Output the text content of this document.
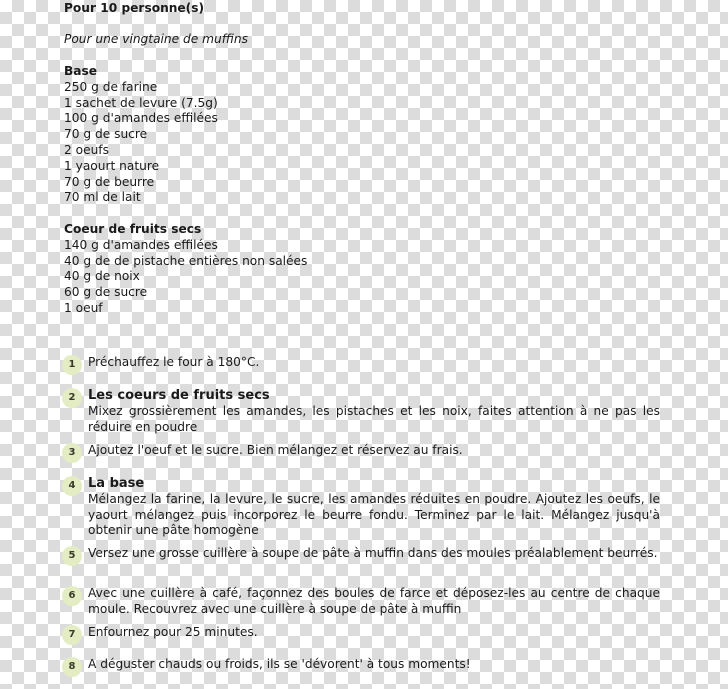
Pour 10 personne(s)
Pour une vingtaine de muffins
Base
250 g de farine
1 sachet de levure (7.5g)
100 g d'amandes effilées
70 g de sucre
2 oeufs
1 yaourt nature
70 g de beurre
70 ml de lait
Coeur de fruits secs
140 g d'amandes effilées
40 g de de pistache entières non salées
40 g de noix
60 g de sucre
1 oeuf
1	Préchauffez le four à 180°C.
2 Les coeurs de fruits secs
Mixez grossièrement les amandes, les pistaches et les noix, faites attention à ne pas les réduire en poudre
3	Ajoutez l'oeuf et le sucre. Bien mélangez et réservez au frais.
4 La base
Mélangez la farine, la levure, le sucre, les amandes réduites en poudre. Ajoutez les oeufs, le yaourt mélangez puis incorporez le beurre fondu. Terminez par le lait. Mélangez jusqu'à obtenir une pâte homogène
5	Versez une grosse cuillère à soupe de pâte à muffin dans des moules préalablement beurrés.
6	Avec une cuillère à café, façonnez des boules de farce et déposez-les au centre de chaque moule. Recouvrez avec une cuillère à soupe de pâte à muffin
7	Enfournez pour 25 minutes.
8	A déguster chauds ou froids, ils se 'dévorent' à tous moments!
